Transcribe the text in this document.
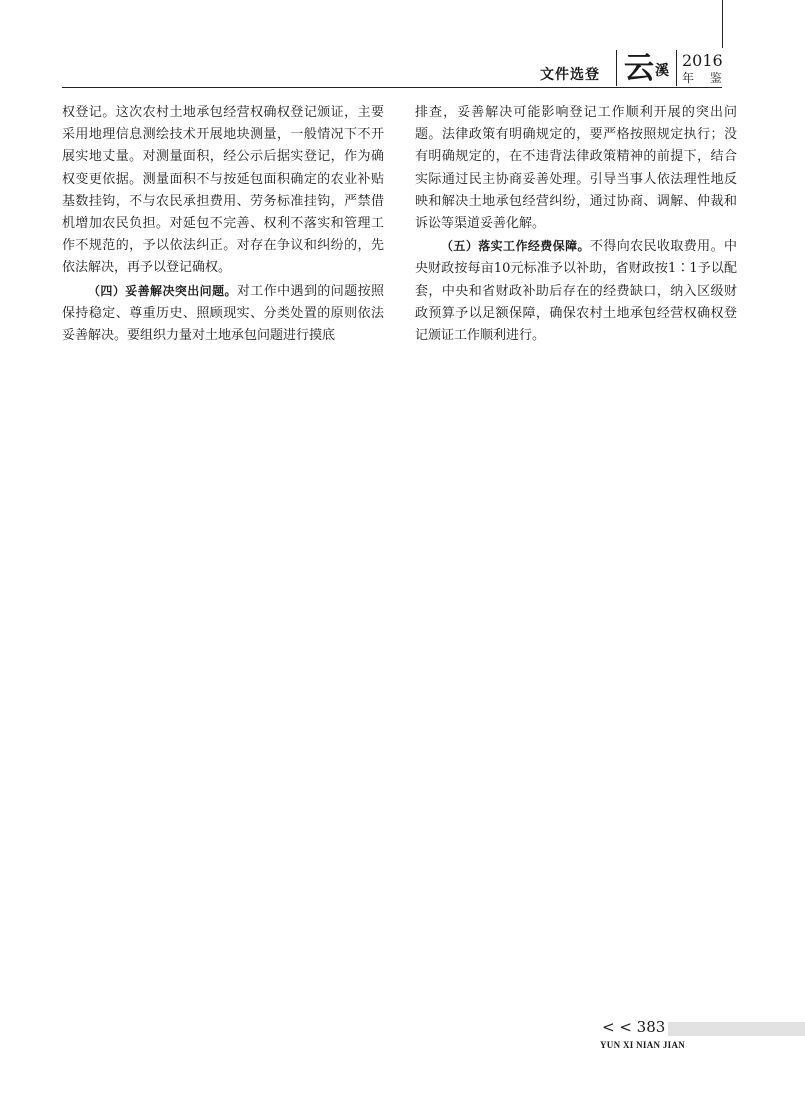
文件选登 云 溪
2016
年 鉴

权登记。这次农村土地承包经营权确权登记颁证，主要采用地理信息测绘技术开展地块测量，一般情况下不开展实地丈量。对测量面积，经公示后据实登记，作为确权变更依据。测量面积不与按延包面积确定的农业补贴基数挂钩，不与农民承担费用、劳务标准挂钩，严禁借机增加农民负担。对延包不完善、权利不落实和管理工作不规范的，予以依法纠正。对存在争议和纠纷的，先依法解决，再予以登记确权。

（四）妥善解决突出问题。对工作中遇到的问题按照保持稳定、尊重历史、照顾现实、分类处置的原则依法妥善解决。要组织力量对土地承包问题进行摸底

排查，妥善解决可能影响登记工作顺利开展的突出问题。法律政策有明确规定的，要严格按照规定执行；没有明确规定的，在不违背法律政策精神的前提下，结合实际通过民主协商妥善处理。引导当事人依法理性地反映和解决土地承包经营纠纷，通过协商、调解、仲裁和诉讼等渠道妥善化解。

（五）落实工作经费保障。不得向农民收取费用。中央财政按每亩10元标准予以补助，省财政按1∶1予以配套，中央和省财政补助后存在的经费缺口，纳入区级财政预算予以足额保障，确保农村土地承包经营权确权登记颁证工作顺利进行。

< < 383
YUN XI NIAN JIAN
